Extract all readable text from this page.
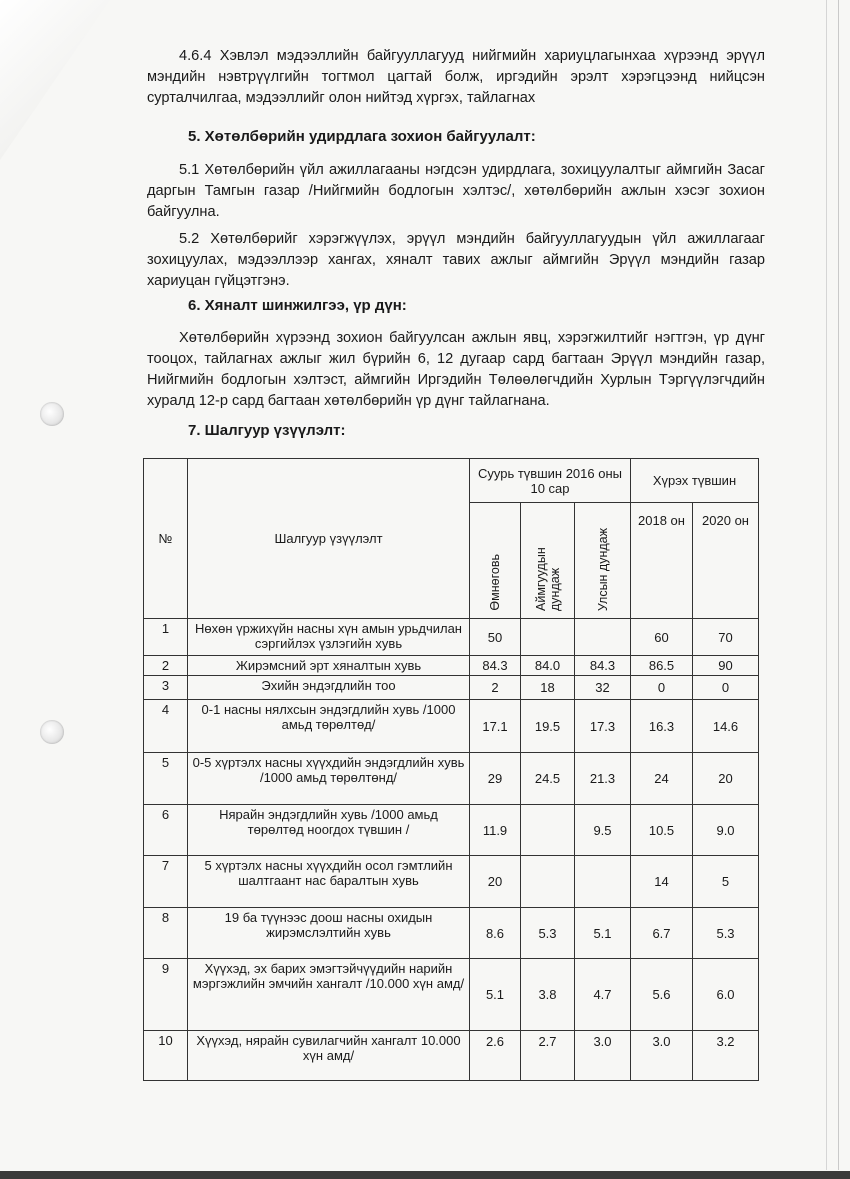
4.6.4 Хэвлэл мэдээллийн байгууллагууд нийгмийн хариуцлагынхаа хүрээнд эрүүл мэндийн нэвтрүүлгийн тогтмол цагтай болж, иргэдийн эрэлт хэрэгцээнд нийцсэн сурталчилгаа, мэдээллийг олон нийтэд хүргэх, тайлагнах

5. Хөтөлбөрийн удирдлага зохион байгуулалт:

5.1 Хөтөлбөрийн үйл ажиллагааны нэгдсэн удирдлага, зохицуулалтыг аймгийн Засаг даргын Тамгын газар /Нийгмийн бодлогын хэлтэс/, хөтөлбөрийн ажлын хэсэг зохион байгуулна.

5.2 Хөтөлбөрийг хэрэгжүүлэх, эрүүл мэндийн байгууллагуудын үйл ажиллагааг зохицуулах, мэдээллээр хангах, хяналт тавих ажлыг аймгийн Эрүүл мэндийн газар хариуцан гүйцэтгэнэ.

6. Хяналт шинжилгээ, үр дүн:

Хөтөлбөрийн хүрээнд зохион байгуулсан ажлын явц, хэрэгжилтийг нэгтгэн, үр дүнг тооцох, тайлагнах ажлыг жил бүрийн 6, 12 дугаар сард багтаан Эрүүл мэндийн газар, Нийгмийн бодлогын хэлтэст, аймгийн Иргэдийн Төлөөлөгчдийн Хурлын Тэргүүлэгчдийн хуралд 12-р сард багтаан хөтөлбөрийн үр дүнг тайлагнана.

7. Шалгуур үзүүлэлт:

№	Шалгуур үзүүлэлт	Суурь түвшин 2016 оны 10 сар			Хүрэх түвшин	
		Өмнөговь	Аймгуудын дундаж	Улсын дундаж	2018 он	2020 он
1	Нөхөн үржихүйн насны хүн амын урьдчилан сэргийлэх үзлэгийн хувь	50			60	70
2	Жирэмсний эрт хяналтын хувь	84.3	84.0	84.3	86.5	90
3	Эхийн эндэгдлийн тоо	2	18	32	0	0
4	0-1 насны нялхсын эндэгдлийн хувь /1000 амьд төрөлтөд/	17.1	19.5	17.3	16.3	14.6
5	0-5 хүртэлх насны хүүхдийн эндэгдлийн хувь /1000 амьд төрөлтөнд/	29	24.5	21.3	24	20
6	Нярайн эндэгдлийн хувь /1000 амьд төрөлтөд ноогдох түвшин /	11.9		9.5	10.5	9.0
7	5 хүртэлх насны хүүхдийн осол гэмтлийн шалтгаант нас баралтын хувь	20			14	5
8	19 ба түүнээс доош насны охидын жирэмслэлтийн хувь	8.6	5.3	5.1	6.7	5.3
9	Хүүхэд, эх барих эмэгтэйчүүдийн нарийн мэргэжлийн эмчийн хангалт /10.000 хүн амд/	5.1	3.8	4.7	5.6	6.0
10	Хүүхэд, нярайн сувилагчийн хангалт 10.000 хүн амд/	2.6	2.7	3.0	3.0	3.2
